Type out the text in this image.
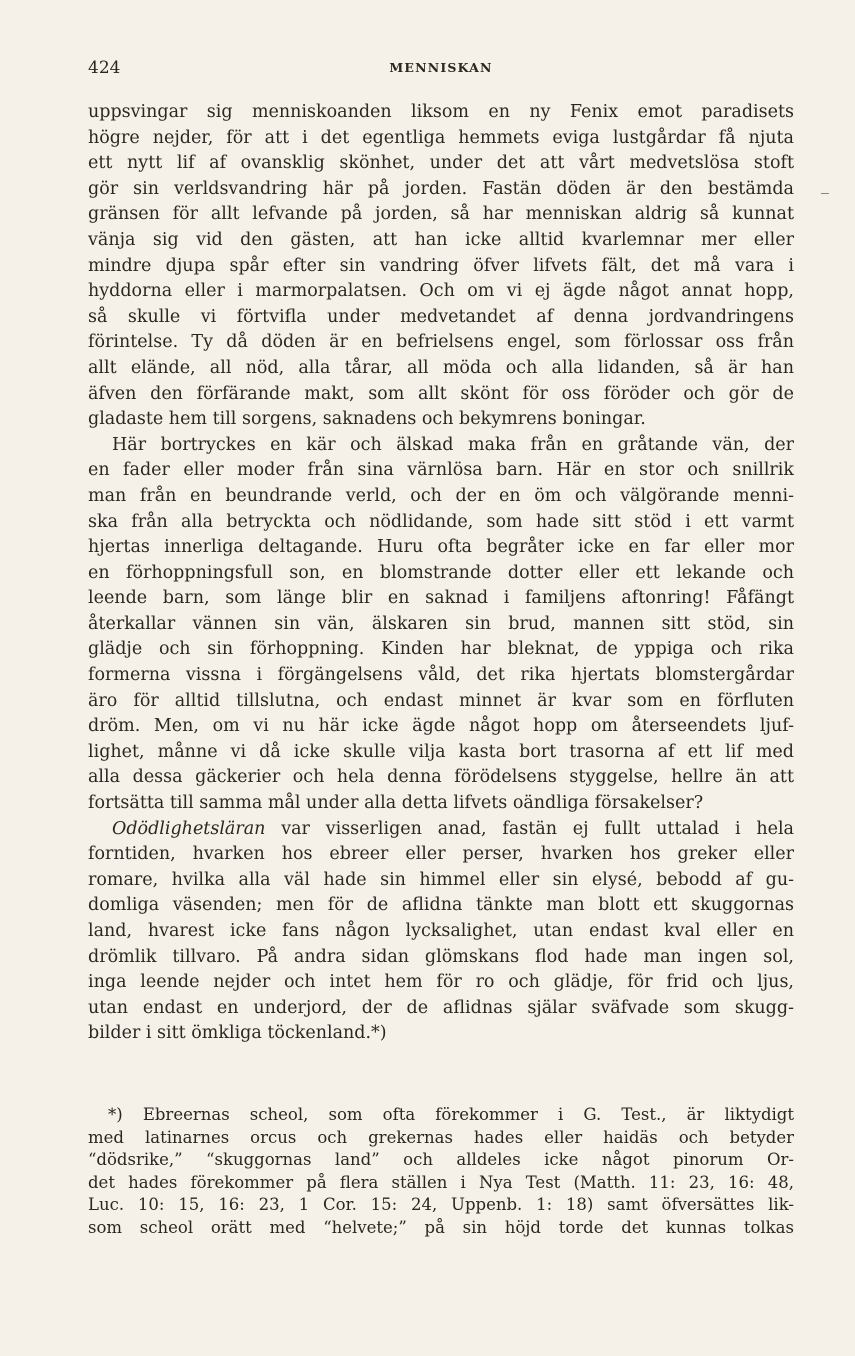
424	MENNISKAN
uppsvingar sig menniskoanden liksom en ny Fenix emot paradisets
högre nejder, för att i det egentliga hemmets eviga lustgårdar få njuta
ett nytt lif af ovansklig skönhet, under det att vårt medvetslösa stoft
gör sin verldsvandring här på jorden. Fastän döden är den bestämda
gränsen för allt lefvande på jorden, så har menniskan aldrig så kunnat
vänja sig vid den gästen, att han icke alltid kvarlemnar mer eller
mindre djupa spår efter sin vandring öfver lifvets fält, det må vara i
hyddorna eller i marmorpalatsen. Och om vi ej ägde något annat hopp,
så skulle vi förtvifla under medvetandet af denna jordvandringens
förintelse. Ty då döden är en befrielsens engel, som förlossar oss från
allt elände, all nöd, alla tårar, all möda och alla lidanden, så är han
äfven den förfärande makt, som allt skönt för oss föröder och gör de
gladaste hem till sorgens, saknadens och bekymrens boningar.
Här bortryckes en kär och älskad maka från en gråtande vän, der
en fader eller moder från sina värnlösa barn. Här en stor och snillrik
man från en beundrande verld, och der en öm och välgörande menni-
ska från alla betryckta och nödlidande, som hade sitt stöd i ett varmt
hjertas innerliga deltagande. Huru ofta begråter icke en far eller mor
en förhoppningsfull son, en blomstrande dotter eller ett lekande och
leende barn, som länge blir en saknad i familjens aftonring! Fåfängt
återkallar vännen sin vän, älskaren sin brud, mannen sitt stöd, sin
glädje och sin förhoppning. Kinden har bleknat, de yppiga och rika
formerna vissna i förgängelsens våld, det rika hjertats blomstergårdar
äro för alltid tillslutna, och endast minnet är kvar som en förfluten
dröm. Men, om vi nu här icke ägde något hopp om återseendets ljuf-
lighet, månne vi då icke skulle vilja kasta bort trasorna af ett lif med
alla dessa gäckerier och hela denna förödelsens styggelse, hellre än att
fortsätta till samma mål under alla detta lifvets oändliga försakelser?
Odödlighetsläran var visserligen anad, fastän ej fullt uttalad i hela
forntiden, hvarken hos ebreer eller perser, hvarken hos greker eller
romare, hvilka alla väl hade sin himmel eller sin elysé, bebodd af gu-
domliga väsenden; men för de aflidna tänkte man blott ett skuggornas
land, hvarest icke fans någon lycksalighet, utan endast kval eller en
drömlik tillvaro. På andra sidan glömskans flod hade man ingen sol,
inga leende nejder och intet hem för ro och glädje, för frid och ljus,
utan endast en underjord, der de aflidnas själar sväfvade som skugg-
bilder i sitt ömkliga töckenland.*)
*) Ebreernas scheol, som ofta förekommer i G. Test., är liktydigt
med latinarnes orcus och grekernas hades eller haidäs och betyder
“dödsrike,” “skuggornas land” och alldeles icke något pinorum Or-
det hades förekommer på flera ställen i Nya Test (Matth. 11: 23, 16: 48,
Luc. 10: 15, 16: 23, 1 Cor. 15: 24, Uppenb. 1: 18) samt öfversättes lik-
som scheol orätt med “helvete;” på sin höjd torde det kunnas tolkas
